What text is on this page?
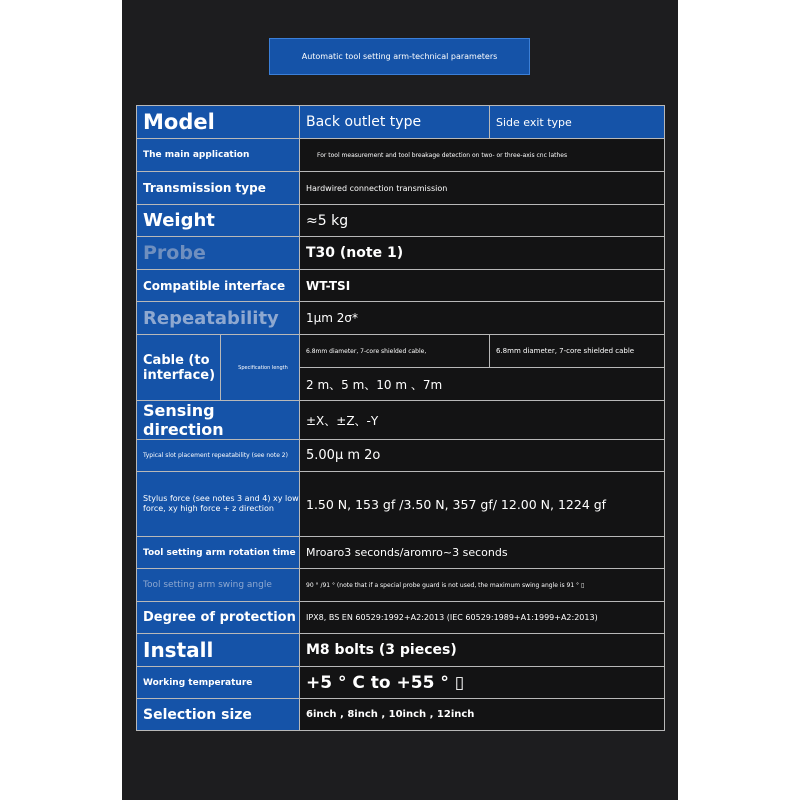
Automatic tool setting arm-technical parameters
Model		Back outlet type	Side exit type
The main application		For tool measurement and tool breakage detection on two- or three-axis cnc lathes	
Transmission type		Hardwired connection transmission	
Weight		≈5 kg	
Probe		T30 (note 1)	
Compatible interface		WT-TSI	
Repeatability		1μm 2σ*	
Cable (to interface)	Specification length	6.8mm diameter, 7-core shielded cable,	6.8mm diameter, 7-core shielded cable
		2 m、5 m、10 m 、7m	
Sensing direction		±X、±Z、-Y	
Typical slot placement repeatability (see note 2)		5.00μ m 2o	
Stylus force (see notes 3 and 4) xy low force, xy high force + z direction		1.50 N, 153 gf /3.50 N, 357 gf/ 12.00 N, 1224 gf	
Tool setting arm rotation time		Mroaro3 seconds/aromro~3 seconds	
Tool setting arm swing angle		90 ° /91 ° (note that if a special probe guard is not used, the maximum swing angle is 91 ° ▯	
Degree of protection		IPX8, BS EN 60529:1992+A2:2013 (IEC 60529:1989+A1:1999+A2:2013)	
Install		M8 bolts (3 pieces)	
Working temperature		+5 ° C to +55 ° ▯	
Selection size		6inch , 8inch , 10inch , 12inch	
